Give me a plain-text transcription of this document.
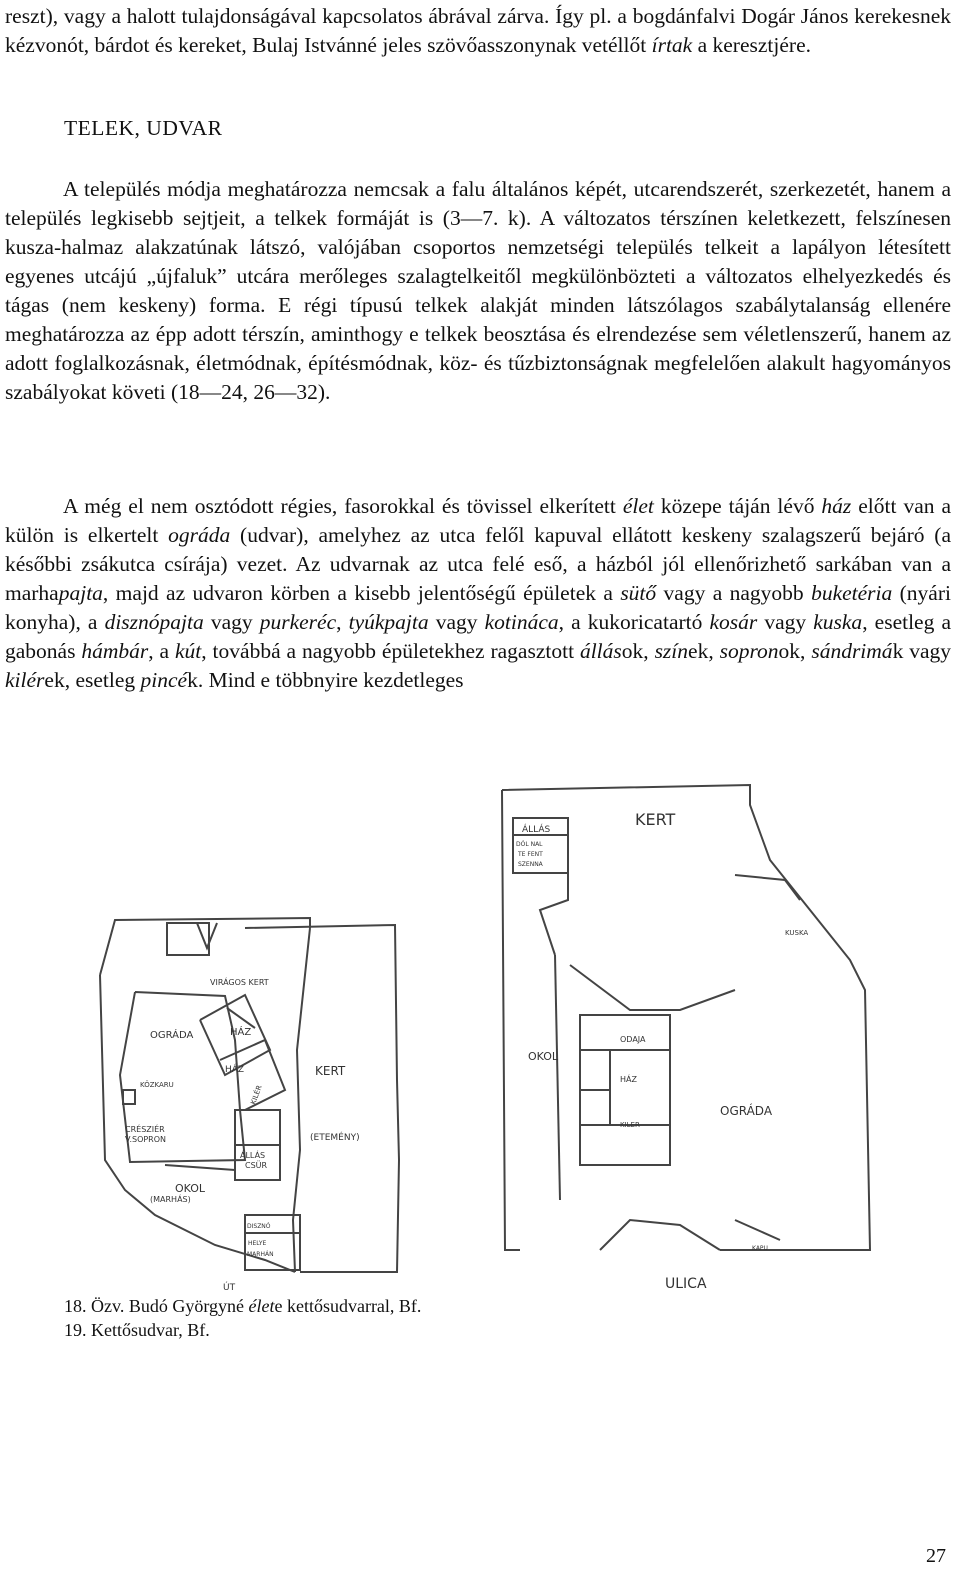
reszt), vagy a halott tulajdonságával kapcsolatos ábrával zárva. Így pl. a bogdánfalvi Dogár János kerekesnek kézvonót, bárdot és kereket, Bulaj Istvánné jeles szövőasszonynak vetéllőt írtak a keresztjére.

TELEK, UDVAR

A település módja meghatározza nemcsak a falu általános képét, utcarendszerét, szerkezetét, hanem a település legkisebb sejtjeit, a telkek formáját is (3—7. k). A változatos térszínen keletkezett, felszínesen kusza-halmaz alakzatúnak látszó, valójában csoportos nemzetségi település telkeit a lapályon létesített egyenes utcájú „újfaluk” utcára merőleges szalagtelkeitől megkülönbözteti a változatos elhelyezkedés és tágas (nem keskeny) forma. E régi típusú telkek alakját minden látszólagos szabálytalanság ellenére meghatározza az épp adott térszín, aminthogy e telkek beosztása és elrendezése sem véletlenszerű, hanem az adott foglalkozásnak, életmódnak, építésmódnak, köz- és tűzbiztonságnak megfelelően alakult hagyományos szabályokat követi (18—24, 26—32).

A még el nem osztódott régies, fasorokkal és tövissel elkerített élet közepe táján lévő ház előtt van a külön is elkertelt ográda (udvar), amelyhez az utca felől kapuval ellátott keskeny szalagszerű bejáró (a későbbi zsákutca csírája) vezet. Az udvarnak az utca felé eső, a házból jól ellenőrizhető sarkában van a marhapajta, majd az udvaron körben a kisebb jelentőségű épületek a sütő vagy a nagyobb buketéria (nyári konyha), a disznópajta vagy purkeréc, tyúkpajta vagy kotináca, a kukoricatartó kosár vagy kuska, esetleg a gabonás hámbár, a kút, továbbá a nagyobb épületekhez ragasztott állások, színek, sopronok, sándrimák vagy kilérek, esetleg pincék. Mind e többnyire kezdetleges

VIRÁGOS KERT
OGRÁDA	HÁZ
HÁZ	KERT
KÖZKARU	KILÉR
CRÉSZIÉR
V.SOPRON	(ETEMÉNY)
ÁLLÁS
CSÜR
OKOL
(MARHÁS)
DISZNÓ
HELYE
MARHÁN
ÚT
KERT
ÁLLÁS
DÓL NAL
TE FENT
SZENNA
KUSKA
OKOL
ODAJA
HÁZ
KILER
OGRÁDA
KAPU
ULICA
18. Özv. Budó Györgyné élete kettősudvarral, Bf.
19. Kettősudvar, Bf.
27
